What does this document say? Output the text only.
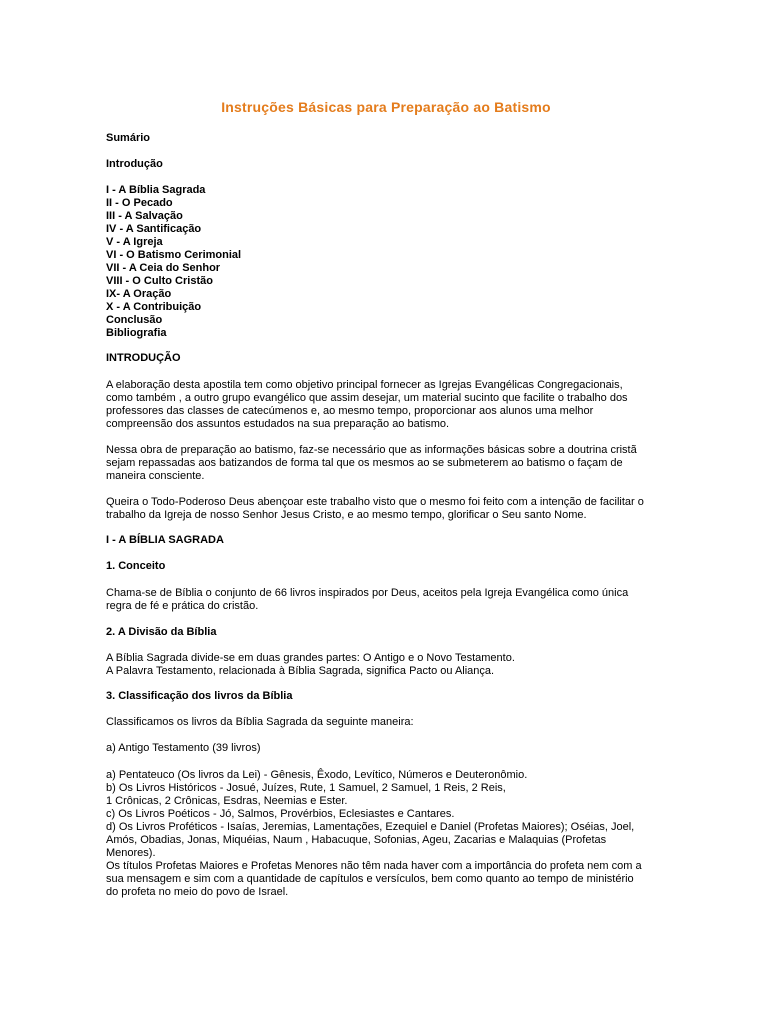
Instruções Básicas para Preparação ao Batismo
Sumário
Introdução
I - A Bíblia Sagrada
II - O Pecado
III - A Salvação
IV - A Santificação
V - A Igreja
VI - O Batismo Cerimonial
VII - A Ceia do Senhor
VIII - O Culto Cristão
IX- A Oração
X - A Contribuição
Conclusão
Bibliografia
INTRODUÇÃO
A elaboração desta apostila tem como objetivo principal fornecer as Igrejas Evangélicas Congregacionais,
como também , a outro grupo evangélico que assim desejar, um material sucinto que facilite o trabalho dos
professores das classes de catecúmenos e, ao mesmo tempo, proporcionar aos alunos uma melhor
compreensão dos assuntos estudados na sua preparação ao batismo.
Nessa obra de preparação ao batismo, faz-se necessário que as informações básicas sobre a doutrina cristã
sejam repassadas aos batizandos de forma tal que os mesmos ao se submeterem ao batismo o façam de
maneira consciente.
Queira o Todo-Poderoso Deus abençoar este trabalho visto que o mesmo foi feito com a intenção de facilitar o
trabalho da Igreja de nosso Senhor Jesus Cristo, e ao mesmo tempo, glorificar o Seu santo Nome.
I - A BÍBLIA SAGRADA
1. Conceito
Chama-se de Bíblia o conjunto de 66 livros inspirados por Deus, aceitos pela Igreja Evangélica como única
regra de fé e prática do cristão.
2. A Divisão da Bíblia
A Bíblia Sagrada divide-se em duas grandes partes: O Antigo e o Novo Testamento.
A Palavra Testamento, relacionada à Bíblia Sagrada, significa Pacto ou Aliança.
3. Classificação dos livros da Bíblia
Classificamos os livros da Bíblia Sagrada da seguinte maneira:
a) Antigo Testamento (39 livros)
a) Pentateuco (Os livros da Lei) - Gênesis, Êxodo, Levítico, Números e Deuteronômio.
b) Os Livros Históricos - Josué, Juízes, Rute, 1 Samuel, 2 Samuel, 1 Reis, 2 Reis,
1 Crônicas, 2 Crônicas, Esdras, Neemias e Ester.
c) Os Livros Poéticos - Jó, Salmos, Provérbios, Eclesiastes e Cantares.
d) Os Livros Proféticos - Isaías, Jeremias, Lamentações, Ezequiel e Daniel (Profetas Maiores); Oséias, Joel,
Amós, Obadias, Jonas, Miquéias, Naum , Habacuque, Sofonias, Ageu, Zacarias e Malaquias (Profetas
Menores).
Os títulos Profetas Maiores e Profetas Menores não têm nada haver com a importância do profeta nem com a
sua mensagem e sim com a quantidade de capítulos e versículos, bem como quanto ao tempo de ministério
do profeta no meio do povo de Israel.
